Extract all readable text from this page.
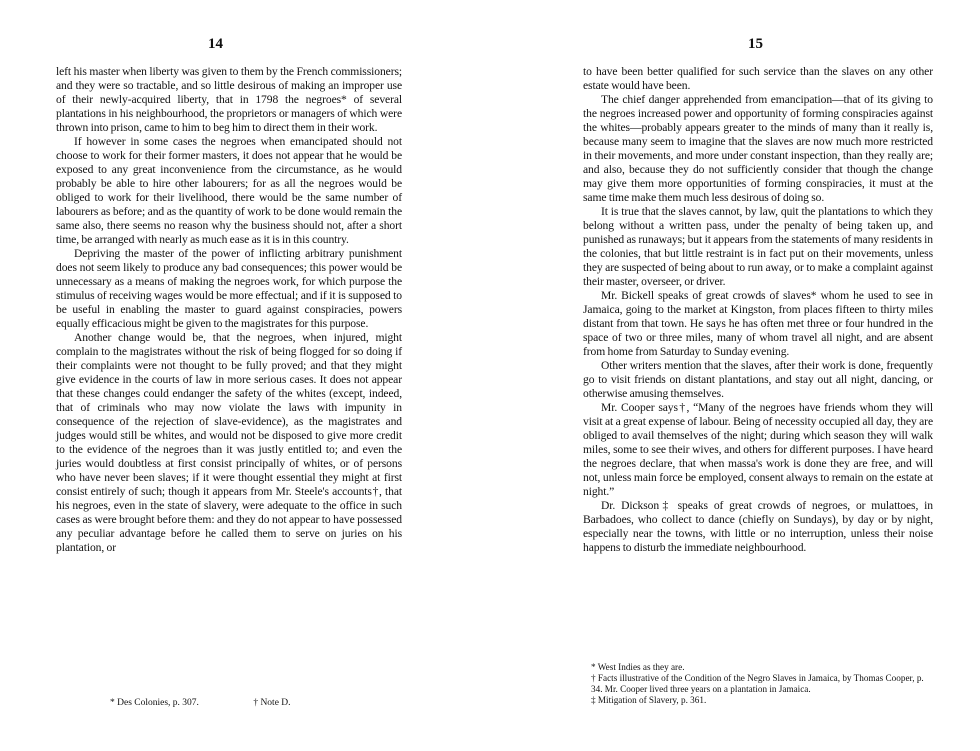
14

left his master when liberty was given to them by the French commissioners; and they were so tractable, and so little desirous of making an improper use of their newly-acquired liberty, that in 1798 the negroes* of several plantations in his neighbourhood, the proprietors or managers of which were thrown into prison, came to him to beg him to direct them in their work.

If however in some cases the negroes when emancipated should not choose to work for their former masters, it does not appear that he would be exposed to any great inconvenience from the circumstance, as he would probably be able to hire other labourers; for as all the negroes would be obliged to work for their livelihood, there would be the same number of labourers as before; and as the quantity of work to be done would remain the same also, there seems no reason why the business should not, after a short time, be arranged with nearly as much ease as it is in this country.

Depriving the master of the power of inflicting arbitrary punishment does not seem likely to produce any bad consequences; this power would be unnecessary as a means of making the negroes work, for which purpose the stimulus of receiving wages would be more effectual; and if it is supposed to be useful in enabling the master to guard against conspiracies, powers equally efficacious might be given to the magistrates for this purpose.

Another change would be, that the negroes, when injured, might complain to the magistrates without the risk of being flogged for so doing if their complaints were not thought to be fully proved; and that they might give evidence in the courts of law in more serious cases. It does not appear that these changes could endanger the safety of the whites (except, indeed, that of criminals who may now violate the laws with impunity in consequence of the rejection of slave-evidence), as the magistrates and judges would still be whites, and would not be disposed to give more credit to the evidence of the negroes than it was justly entitled to; and even the juries would doubtless at first consist principally of whites, or of persons who have never been slaves; if it were thought essential they might at first consist entirely of such; though it appears from Mr. Steele's accounts†, that his negroes, even in the state of slavery, were adequate to the office in such cases as were brought before them: and they do not appear to have possessed any peculiar advantage before he called them to serve on juries on his plantation, or

* Des Colonies, p. 307.	† Note D.
15

to have been better qualified for such service than the slaves on any other estate would have been.

The chief danger apprehended from emancipation—that of its giving to the negroes increased power and opportunity of forming conspiracies against the whites—probably appears greater to the minds of many than it really is, because many seem to imagine that the slaves are now much more restricted in their movements, and more under constant inspection, than they really are; and also, because they do not sufficiently consider that though the change may give them more opportunities of forming conspiracies, it must at the same time make them much less desirous of doing so.

It is true that the slaves cannot, by law, quit the plantations to which they belong without a written pass, under the penalty of being taken up, and punished as runaways; but it appears from the statements of many residents in the colonies, that but little restraint is in fact put on their movements, unless they are suspected of being about to run away, or to make a complaint against their master, overseer, or driver.

Mr. Bickell speaks of great crowds of slaves* whom he used to see in Jamaica, going to the market at Kingston, from places fifteen to thirty miles distant from that town. He says he has often met three or four hundred in the space of two or three miles, many of whom travel all night, and are absent from home from Saturday to Sunday evening.

Other writers mention that the slaves, after their work is done, frequently go to visit friends on distant plantations, and stay out all night, dancing, or otherwise amusing themselves.

Mr. Cooper says†, “Many of the negroes have friends whom they will visit at a great expense of labour. Being of necessity occupied all day, they are obliged to avail themselves of the night; during which season they will walk miles, some to see their wives, and others for different purposes. I have heard the negroes declare, that when massa's work is done they are free, and will not, unless main force be employed, consent always to remain on the estate at night.”

Dr. Dickson‡ speaks of great crowds of negroes, or mulattoes, in Barbadoes, who collect to dance (chiefly on Sundays), by day or by night, especially near the towns, with little or no interruption, unless their noise happens to disturb the immediate neighbourhood.

* West Indies as they are.

† Facts illustrative of the Condition of the Negro Slaves in Jamaica, by Thomas Cooper, p. 34. Mr. Cooper lived three years on a plantation in Jamaica.

‡ Mitigation of Slavery, p. 361.
